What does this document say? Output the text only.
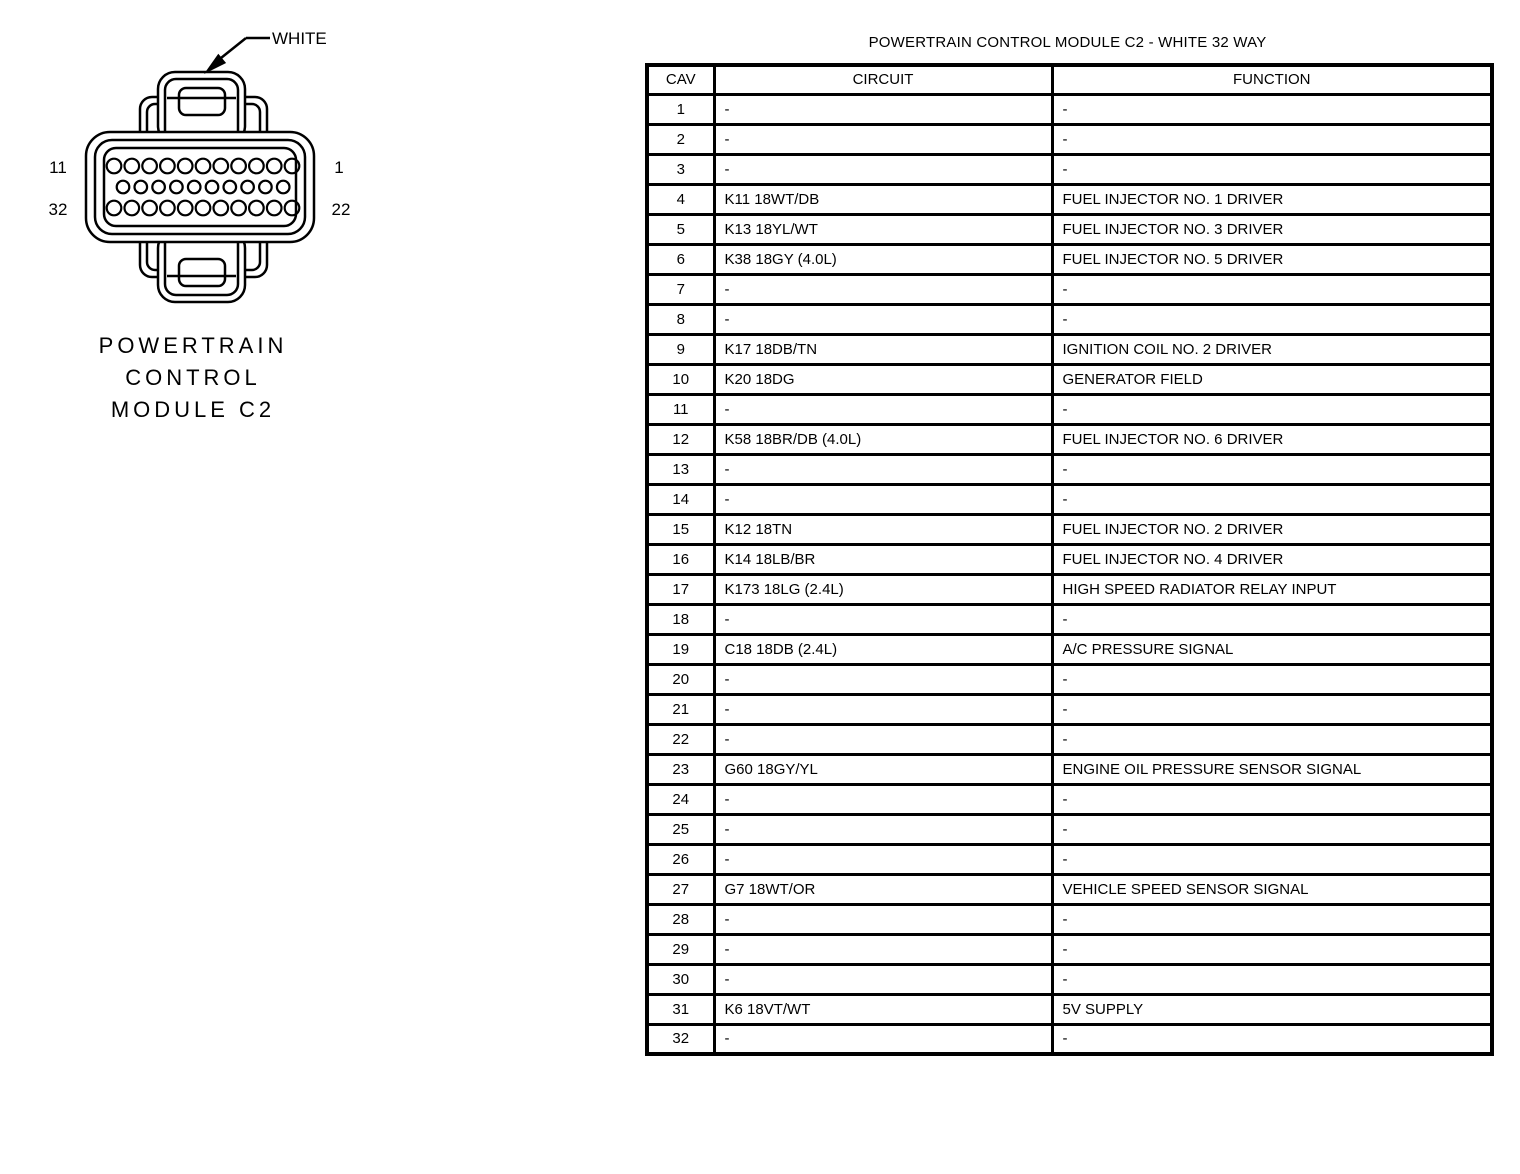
WHITE
11	1
32	22
POWERTRAIN
CONTROL
MODULE C2
POWERTRAIN CONTROL MODULE C2 - WHITE 32 WAY
CAV	CIRCUIT	FUNCTION
1	-	-
2	-	-
3	-	-
4	K11 18WT/DB	FUEL INJECTOR NO. 1 DRIVER
5	K13 18YL/WT	FUEL INJECTOR NO. 3 DRIVER
6	K38 18GY (4.0L)	FUEL INJECTOR NO. 5 DRIVER
7	-	-
8	-	-
9	K17 18DB/TN	IGNITION COIL NO. 2 DRIVER
10	K20 18DG	GENERATOR FIELD
11	-	-
12	K58 18BR/DB (4.0L)	FUEL INJECTOR NO. 6 DRIVER
13	-	-
14	-	-
15	K12 18TN	FUEL INJECTOR NO. 2 DRIVER
16	K14 18LB/BR	FUEL INJECTOR NO. 4 DRIVER
17	K173 18LG (2.4L)	HIGH SPEED RADIATOR RELAY INPUT
18	-	-
19	C18 18DB (2.4L)	A/C PRESSURE SIGNAL
20	-	-
21	-	-
22	-	-
23	G60 18GY/YL	ENGINE OIL PRESSURE SENSOR SIGNAL
24	-	-
25	-	-
26	-	-
27	G7 18WT/OR	VEHICLE SPEED SENSOR SIGNAL
28	-	-
29	-	-
30	-	-
31	K6 18VT/WT	5V SUPPLY
32	-	-
